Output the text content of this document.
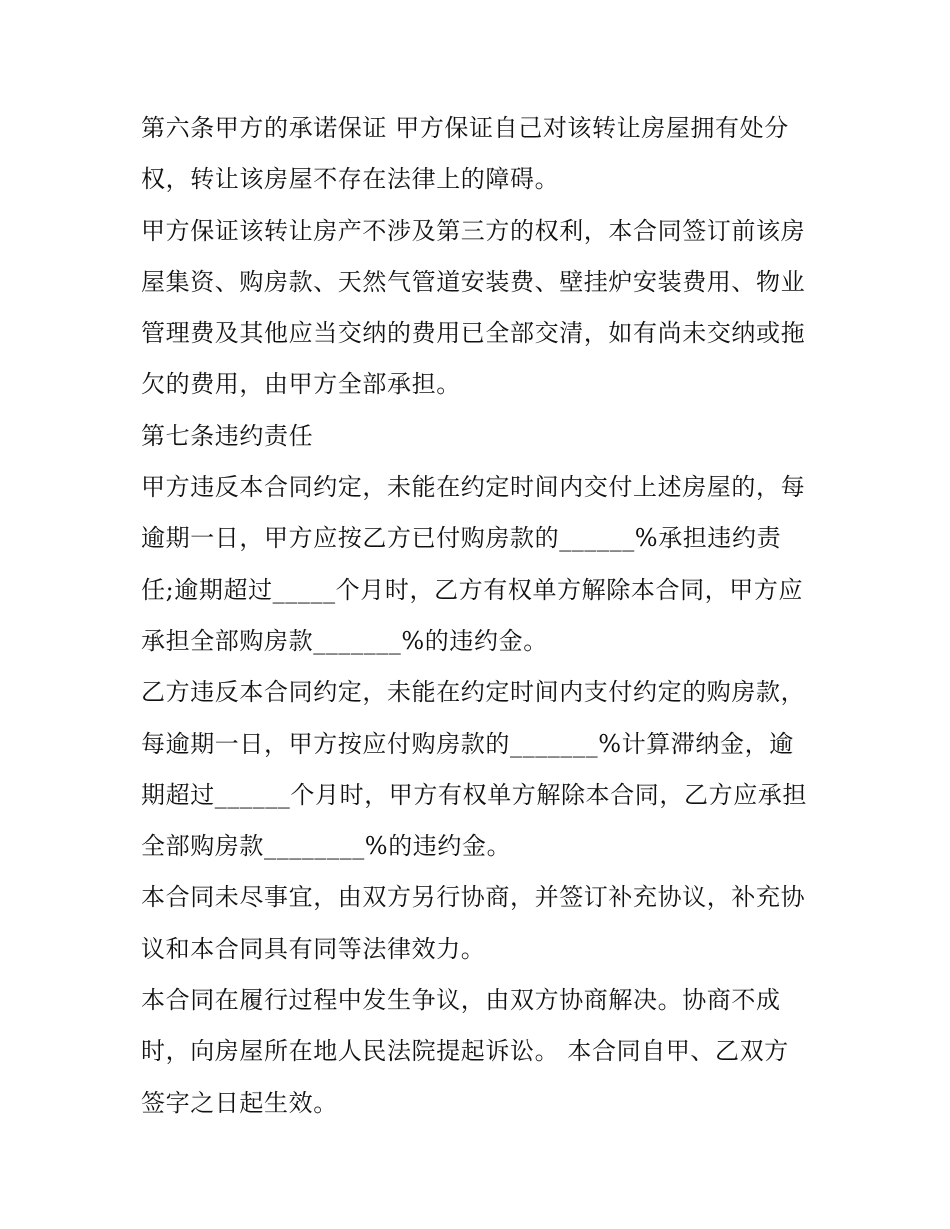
第六条甲方的承诺保证 甲方保证自己对该转让房屋拥有处分
权，转让该房屋不存在法律上的障碍。
甲方保证该转让房产不涉及第三方的权利，本合同签订前该房
屋集资、购房款、天然气管道安装费、壁挂炉安装费用、物业
管理费及其他应当交纳的费用已全部交清，如有尚未交纳或拖
欠的费用，由甲方全部承担。
第七条违约责任
甲方违反本合同约定，未能在约定时间内交付上述房屋的，每
逾期一日，甲方应按乙方已付购房款的______%承担违约责
任;逾期超过_____个月时，乙方有权单方解除本合同，甲方应
承担全部购房款_______%的违约金。
乙方违反本合同约定，未能在约定时间内支付约定的购房款，
每逾期一日，甲方按应付购房款的_______%计算滞纳金，逾
期超过______个月时，甲方有权单方解除本合同，乙方应承担
全部购房款________%的违约金。
本合同未尽事宜，由双方另行协商，并签订补充协议，补充协
议和本合同具有同等法律效力。
本合同在履行过程中发生争议，由双方协商解决。协商不成
时，向房屋所在地人民法院提起诉讼。 本合同自甲、乙双方
签字之日起生效。
